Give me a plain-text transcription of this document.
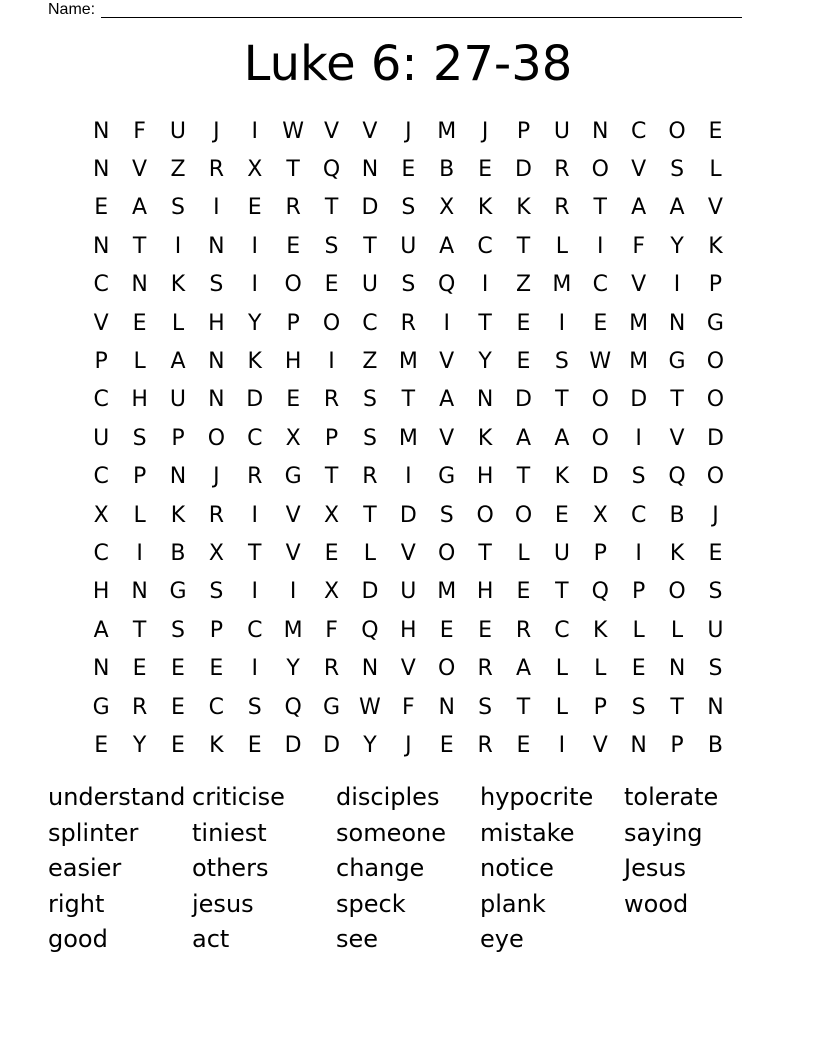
Name:
Luke 6: 27-38
N	F	U	J	I	W V	V	J	M	J	P	U	N	C	O	E
N	V	Z	R	X	T	Q N	E	B	E	D	R	O	V	S	L
E	A	S	I	E	R	T	D	S	X	K	K	R	T	A	A	V
N	T	I	N	I	E	S	T	U	A	C	T	L	I	F	Y	K
C	N	K	S	I	O	E	U	S	Q	I	Z M C	V	I	P
V	E	L	H	Y	P	O	C	R	I	T	E	I	E M N G
P	L	A	N	K	H	I	Z M V	Y	E	S W M G O
C	H	U	N D	E	R	S	T	A	N D	T	O D	T	O
U	S	P	O	C	X	P	S M V	K	A	A	O	I	V	D
C	P	N	J	R	G	T	R	I	G H	T	K	D	S	Q O
X	L	K	R	I	V	X	T	D	S	O O	E	X	C	B	J
C	I	B	X	T	V	E	L	V	O	T	L	U	P	I	K	E
H N G	S	I	I	X	D U M H	E	T	Q	P	O	S
A	T	S	P	C M	F	Q H	E	E	R	C	K	L	L	U
N	E	E	E	I	Y	R	N	V	O	R	A	L	L	E	N	S
G	R	E	C	S	Q G W F	N	S	T	L	P	S	T	N
E	Y	E	K	E	D D	Y	J	E	R	E	I	V	N	P	B
understand criticise	disciples	hypocrite	tolerate
splinter	tiniest	someone	mistake	saying
easier	others	change	notice	Jesus
right	jesus	speck	plank	wood
good	act	see	eye
